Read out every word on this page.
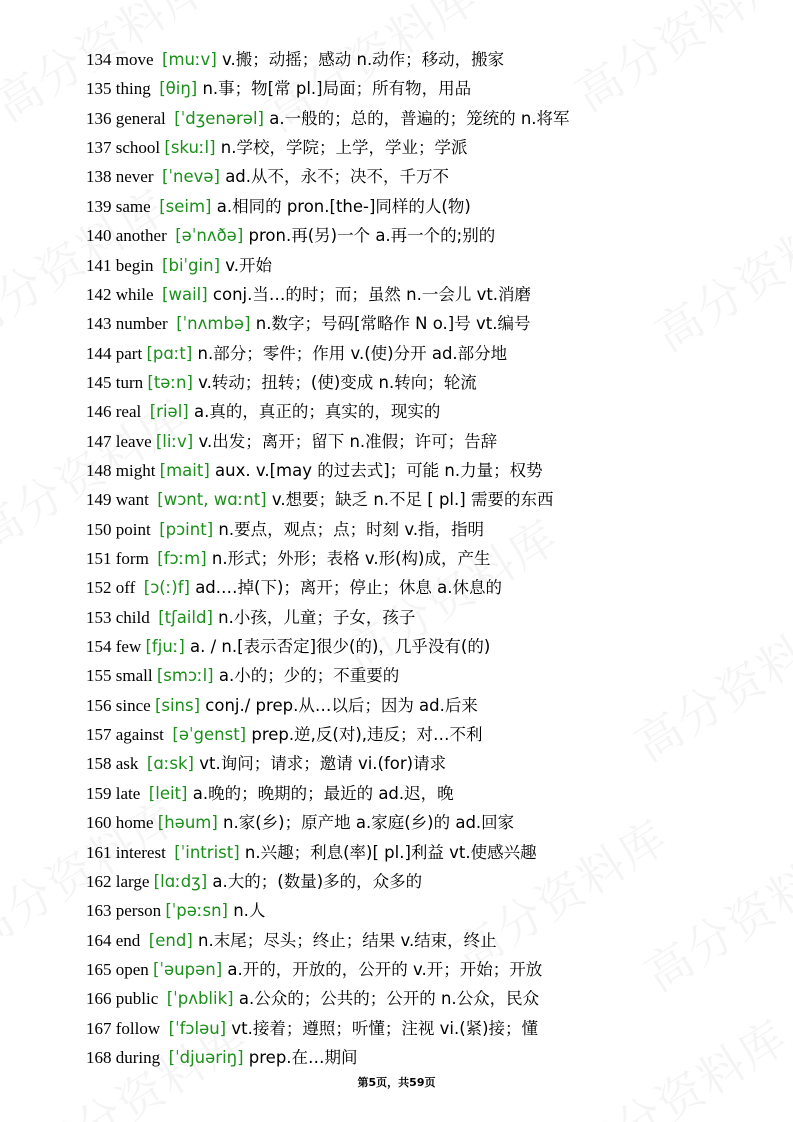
134 move [muːv] v.搬；动摇；感动 n.动作；移动，搬家
135 thing [θiŋ] n.事；物[常 pl.]局面；所有物，用品
136 general [ˈdʒenərəl] a.一般的；总的，普遍的；笼统的 n.将军
137 school [skuːl] n.学校，学院；上学，学业；学派
138 never [ˈnevə] ad.从不，永不；决不，千万不
139 same [seim] a.相同的 pron.[the-]同样的人(物)
140 another [əˈnʌðə] pron.再(另)一个 a.再一个的;别的
141 begin [biˈgin] v.开始
142 while [wail] conj.当…的时；而；虽然 n.一会儿 vt.消磨
143 number [ˈnʌmbə] n.数字；号码[常略作 N o.]号 vt.编号
144 part [pɑːt] n.部分；零件；作用 v.(使)分开 ad.部分地
145 turn [təːn] v.转动；扭转；(使)变成 n.转向；轮流
146 real [riəl] a.真的，真正的；真实的，现实的
147 leave [liːv] v.出发；离开；留下 n.准假；许可；告辞
148 might [mait] aux. v.[may 的过去式]；可能 n.力量；权势
149 want [wɔnt, wɑːnt] v.想要；缺乏 n.不足 [ pl.] 需要的东西
150 point [pɔint] n.要点，观点；点；时刻 v.指，指明
151 form [fɔːm] n.形式；外形；表格 v.形(构)成，产生
152 off [ɔ(ː)f] ad.…掉(下)；离开；停止；休息 a.休息的
153 child [tʃaild] n.小孩，儿童；子女，孩子
154 few [fjuː] a. / n.[表示否定]很少(的)，几乎没有(的)
155 small [smɔːl] a.小的；少的；不重要的
156 since [sins] conj./ prep.从…以后；因为 ad.后来
157 against [əˈgenst] prep.逆,反(对),违反；对…不利
158 ask [ɑːsk] vt.询问；请求；邀请 vi.(for)请求
159 late [leit] a.晚的；晚期的；最近的 ad.迟，晚
160 home [həum] n.家(乡)；原产地 a.家庭(乡)的 ad.回家
161 interest [ˈintrist] n.兴趣；利息(率)[ pl.]利益 vt.使感兴趣
162 large [lɑːdʒ] a.大的；(数量)多的，众多的
163 person [ˈpəːsn] n.人
164 end [end] n.末尾；尽头；终止；结果 v.结束，终止
165 open [ˈəupən] a.开的，开放的，公开的 v.开；开始；开放
166 public [ˈpʌblik] a.公众的；公共的；公开的 n.公众，民众
167 follow [ˈfɔləu] vt.接着；遵照；听懂；注视 vi.(紧)接；懂
168 during [ˈdjuəriŋ] prep.在…期间
第5页，共59页
